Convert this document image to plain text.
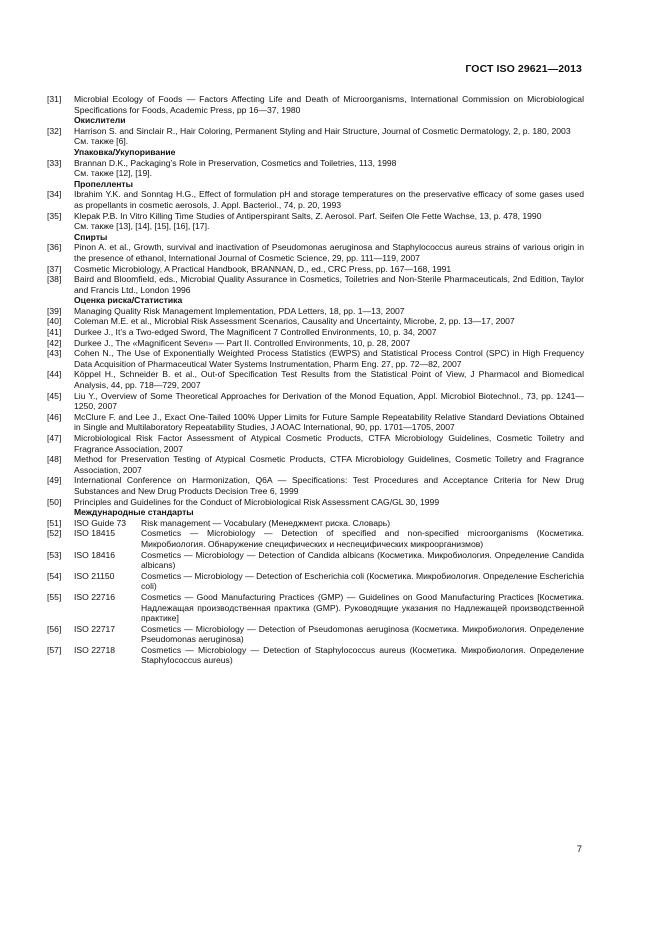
ГОСТ ISO 29621—2013
[31]	Microbial Ecology of Foods — Factors Affecting Life and Death of Microorganisms, International Commission on Microbiological Specifications for Foods, Academic Press, pp 16—37, 1980

Окислители
[32]	Harrison S. and Sinclair R., Hair Coloring, Permanent Styling and Hair Structure, Journal of Cosmetic Dermatology, 2, p. 180, 2003

См. также [6].

Упаковка/Укупоривание
[33]	Brannan D.K., Packaging’s Role in Preservation, Cosmetics and Toiletries, 113, 1998

См. также [12], [19].

Пропелленты
[34]	Ibrahim Y.K. and Sonntag H.G., Effect of formulation pH and storage temperatures on the preservative efficacy of some gases used as propellants in cosmetic aerosols, J. Appl. Bacteriol., 74, p. 20, 1993

[35]	Klepak P.B. In Vitro Killing Time Studies of Antiperspirant Salts, Z. Aerosol. Parf. Seifen Ole Fette Wachse, 13, p. 478, 1990

См. также [13], [14], [15], [16], [17].

Спирты
[36]	Pinon A. et al., Growth, survival and inactivation of Pseudomonas aeruginosa and Staphylococcus aureus strains of various origin in the presence of ethanol, International Journal of Cosmetic Science, 29, pp. 111—119, 2007

[37]	Cosmetic Microbiology, A Practical Handbook, BRANNAN, D., ed., CRC Press, pp. 167—168, 1991

[38]	Baird and Bloomfield, eds., Microbial Quality Assurance in Cosmetics, Toiletries and Non-Sterile Pharmaceuticals, 2nd Edition, Taylor and Francis Ltd., London 1996

Оценка риска/Статистика
[39]	Managing Quality Risk Management Implementation, PDA Letters, 18, pp. 1—13, 2007

[40]	Coleman M.E. et al., Microbial Risk Assessment Scenarios, Causality and Uncertainty, Microbe, 2, pp. 13—17, 2007

[41]	Durkee J., It’s a Two-edged Sword, The Magnificent 7 Controlled Environments, 10, p. 34, 2007

[42]	Durkee J., The «Magnificent Seven» — Part II. Controlled Environments, 10, p. 28, 2007

[43]	Cohen N., The Use of Exponentially Weighted Process Statistics (EWPS) and Statistical Process Control (SPC) in High Frequency Data Acquisition of Pharmaceutical Water Systems Instrumentation, Pharm Eng. 27, pp. 72—82, 2007

[44]	Köppel H., Schneider B. et al., Out-of Specification Test Results from the Statistical Point of View, J Pharmacol and Biomedical Analysis, 44, pp. 718—729, 2007

[45]	Liu Y., Overview of Some Theoretical Approaches for Derivation of the Monod Equation, Appl. Microbiol Biotechnol., 73, pp. 1241—1250, 2007

[46]	McClure F. and Lee J., Exact One-Tailed 100% Upper Limits for Future Sample Repeatability Relative Standard Deviations Obtained in Single and Multilaboratory Repeatability Studies, J AOAC International, 90, pp. 1701—1705, 2007

[47]	Microbiological Risk Factor Assessment of Atypical Cosmetic Products, CTFA Microbiology Guidelines, Cosmetic Toiletry and Fragrance Association, 2007

[48]	Method for Preservation Testing of Atypical Cosmetic Products, CTFA Microbiology Guidelines, Cosmetic Toiletry and Fragrance Association, 2007

[49]	International Conference on Harmonization, Q6A — Specifications: Test Procedures and Acceptance Criteria for New Drug Substances and New Drug Products Decision Tree 6, 1999

[50]	Principles and Guidelines for the Conduct of Microbiological Risk Assessment CAG/GL 30, 1999

Международные стандарты
[51]	ISO Guide 73	Risk management — Vocabulary (Менеджмент риска. Словарь)

[52]	ISO 18415	Cosmetics — Microbiology — Detection of specified and non-specified microorganisms (Косметика. Микробиология. Обнаружение специфических и неспецифических микроорганизмов)

[53]	ISO 18416	Cosmetics — Microbiology — Detection of Candida albicans (Косметика. Микробиология. Определение Candida albicans)

[54]	ISO 21150	Cosmetics — Microbiology — Detection of Escherichia coli (Косметика. Микробиология. Определение Escherichia coli)

[55]	ISO 22716	Cosmetics — Good Manufacturing Practices (GMP) — Guidelines on Good Manufacturing Practices [Косметика. Надлежащая производственная практика (GMP). Руководящие указания по Надлежащей производственной практике]

[56]	ISO 22717	Cosmetics — Microbiology — Detection of Pseudomonas aeruginosa (Косметика. Микробиология. Определение Pseudomonas aeruginosa)

[57]	ISO 22718	Cosmetics — Microbiology — Detection of Staphylococcus aureus (Косметика. Микробиология. Определение Staphylococcus aureus)

7
